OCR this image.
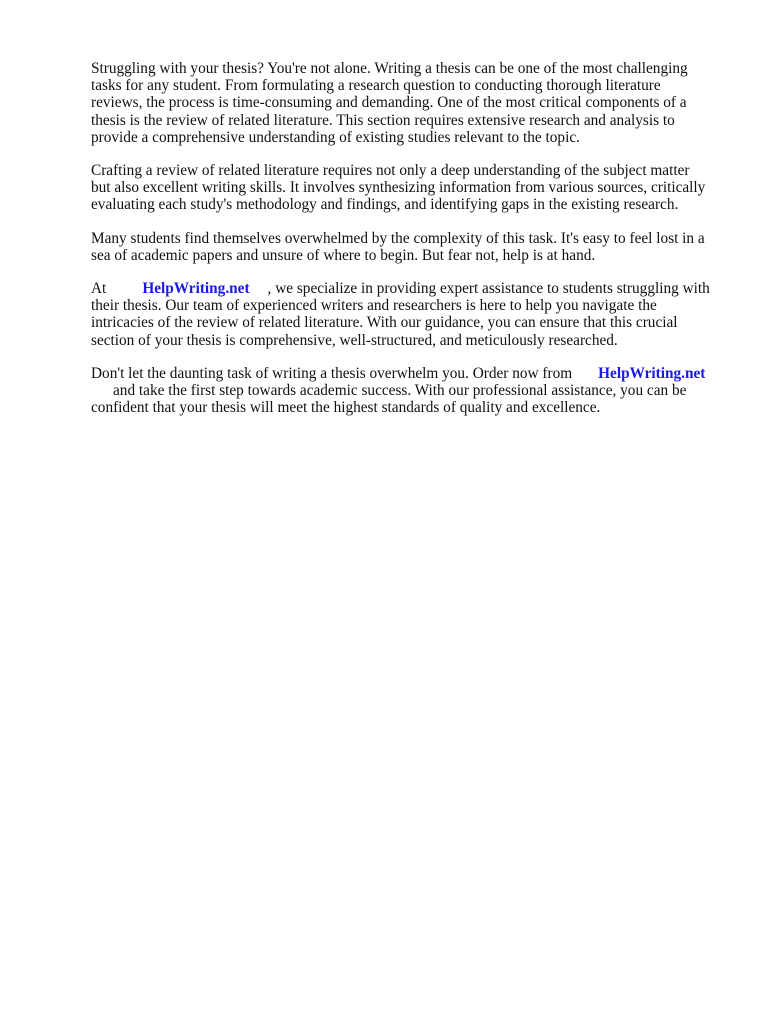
Struggling with your thesis? You're not alone. Writing a thesis can be one of the most challenging
tasks for any student. From formulating a research question to conducting thorough literature
reviews, the process is time-consuming and demanding. One of the most critical components of a
thesis is the review of related literature. This section requires extensive research and analysis to
provide a comprehensive understanding of existing studies relevant to the topic.

Crafting a review of related literature requires not only a deep understanding of the subject matter
but also excellent writing skills. It involves synthesizing information from various sources, critically
evaluating each study's methodology and findings, and identifying gaps in the existing research.

Many students find themselves overwhelmed by the complexity of this task. It's easy to feel lost in a
sea of academic papers and unsure of where to begin. But fear not, help is at hand.

At HelpWriting.net , we specialize in providing expert assistance to students struggling with
their thesis. Our team of experienced writers and researchers is here to help you navigate the
intricacies of the review of related literature. With our guidance, you can ensure that this crucial
section of your thesis is comprehensive, well-structured, and meticulously researched.

Don't let the daunting task of writing a thesis overwhelm you. Order now from HelpWriting.net
and take the first step towards academic success. With our professional assistance, you can be
confident that your thesis will meet the highest standards of quality and excellence.
